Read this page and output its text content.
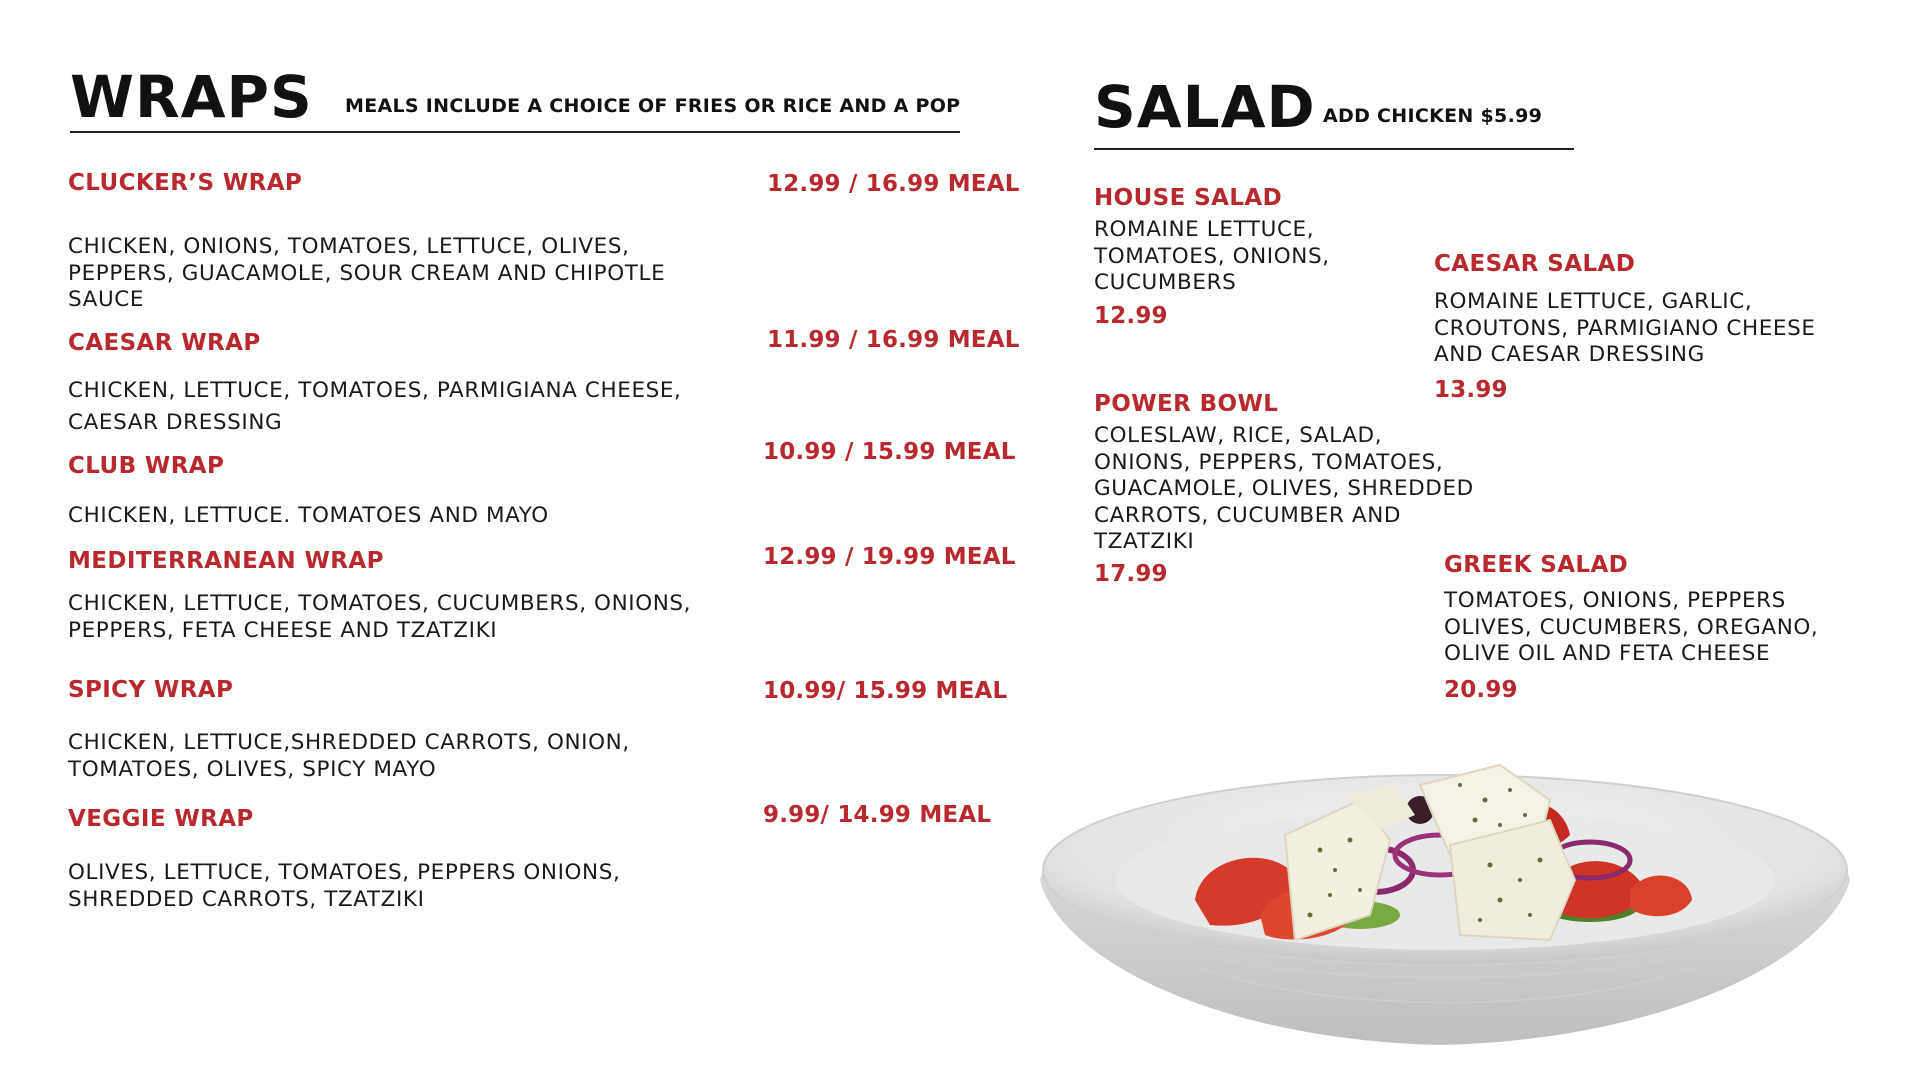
WRAPS MEALS INCLUDE A CHOICE OF FRIES OR RICE AND A POP
CLUCKER’S WRAP	12.99 / 16.99 MEAL
CHICKEN, ONIONS, TOMATOES, LETTUCE, OLIVES, PEPPERS, GUACAMOLE, SOUR CREAM AND CHIPOTLE SAUCE
CAESAR WRAP	11.99 / 16.99 MEAL
CHICKEN, LETTUCE, TOMATOES, PARMIGIANA CHEESE, CAESAR DRESSING
CLUB WRAP
10.99 / 15.99 MEAL
CHICKEN, LETTUCE. TOMATOES AND MAYO
MEDITERRANEAN WRAP	12.99 / 19.99 MEAL
CHICKEN, LETTUCE, TOMATOES, CUCUMBERS, ONIONS, PEPPERS, FETA CHEESE AND TZATZIKI
SPICY WRAP	10.99/ 15.99 MEAL
CHICKEN, LETTUCE,SHREDDED CARROTS, ONION, TOMATOES, OLIVES, SPICY MAYO
VEGGIE WRAP	9.99/ 14.99 MEAL
OLIVES, LETTUCE, TOMATOES, PEPPERS ONIONS, SHREDDED CARROTS, TZATZIKI
SALAD ADD CHICKEN $5.99
HOUSE SALAD
ROMAINE LETTUCE, TOMATOES, ONIONS, CUCUMBERS
12.99
CAESAR SALAD
ROMAINE LETTUCE, GARLIC, CROUTONS, PARMIGIANO CHEESE AND CAESAR DRESSING
13.99
POWER BOWL
COLESLAW, RICE, SALAD, ONIONS, PEPPERS, TOMATOES, GUACAMOLE, OLIVES, SHREDDED CARROTS, CUCUMBER AND TZATZIKI
17.99	GREEK SALAD
TOMATOES, ONIONS, PEPPERS OLIVES, CUCUMBERS, OREGANO, OLIVE OIL AND FETA CHEESE
20.99
